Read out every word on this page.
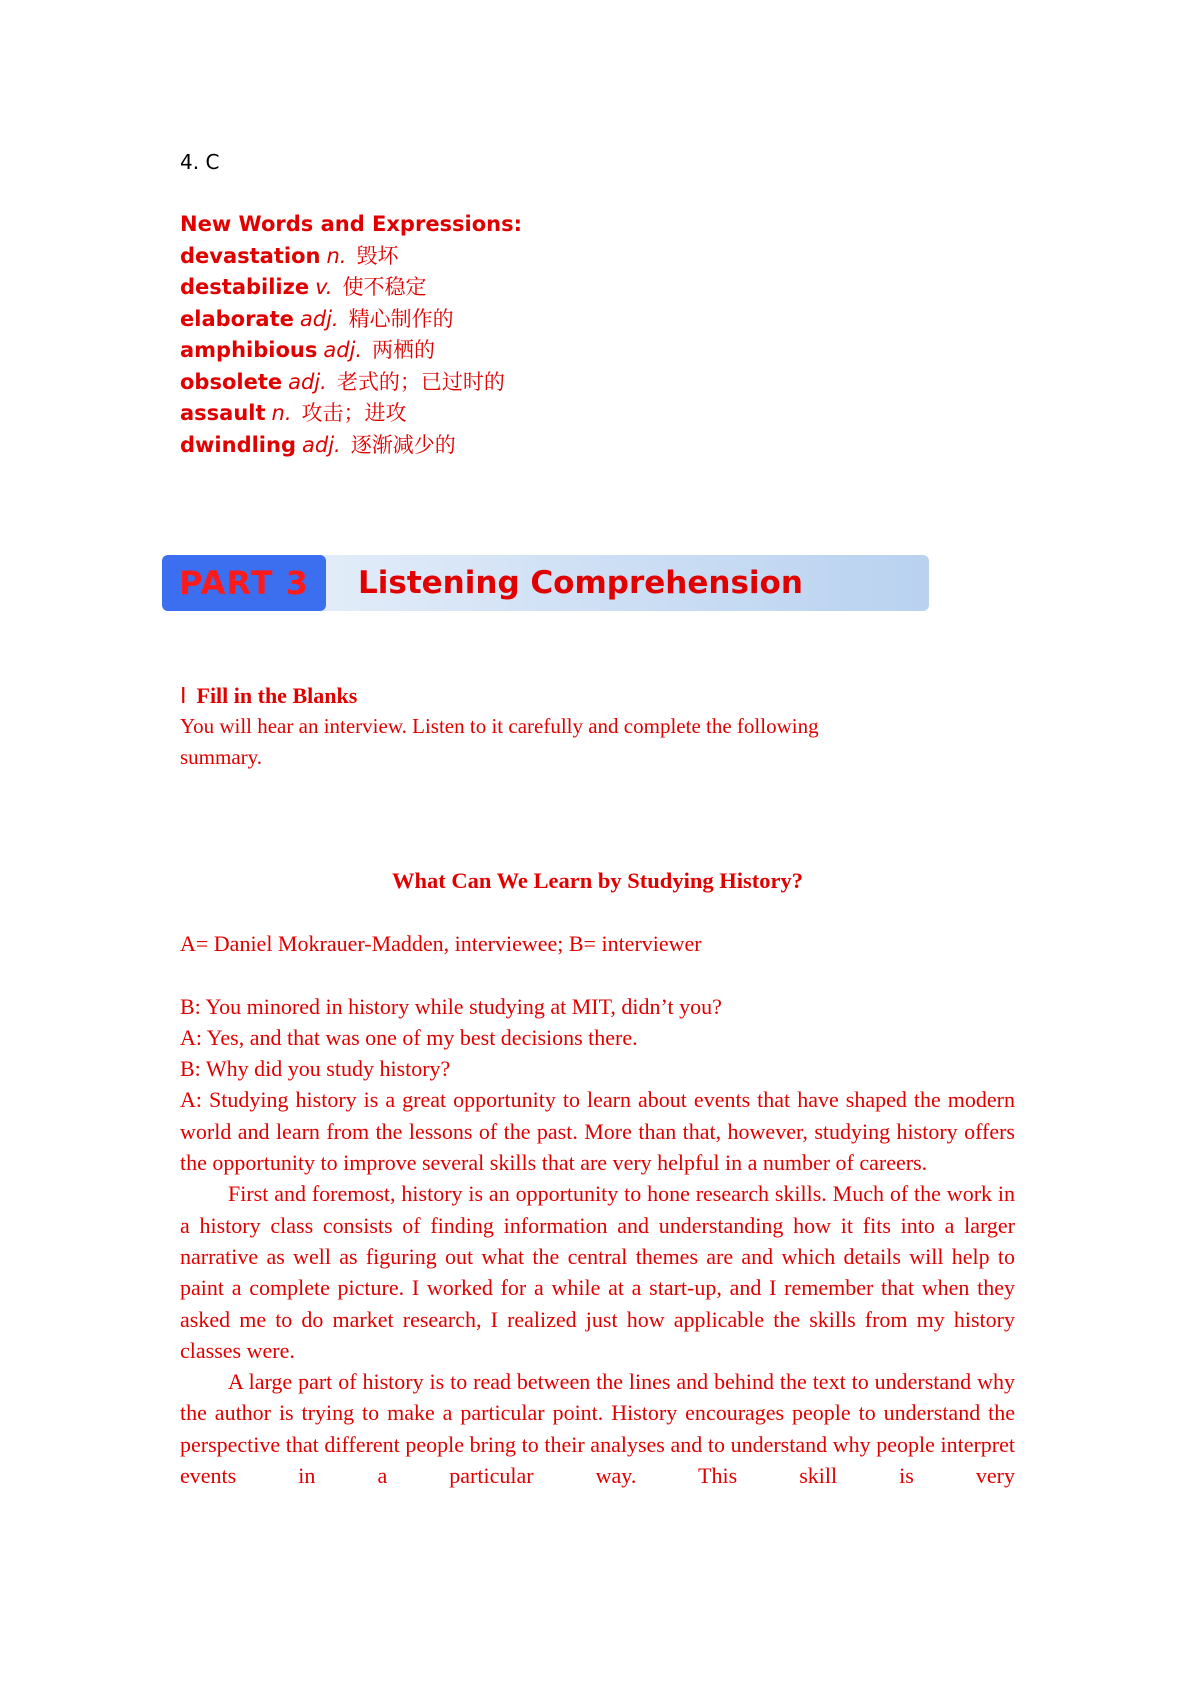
4. C
New Words and Expressions:
devastation n. 毁坏
destabilize v. 使不稳定
elaborate adj. 精心制作的
amphibious adj. 两栖的
obsolete adj. 老式的；已过时的
assault n. 攻击；进攻
dwindling adj. 逐渐减少的
PART 3	Listening Comprehension
Ⅰ Fill in the Blanks
You will hear an interview. Listen to it carefully and complete the following summary.
What Can We Learn by Studying History?

A= Daniel Mokrauer-Madden, interviewee; B= interviewer

B: You minored in history while studying at MIT, didn’t you?

A: Yes, and that was one of my best decisions there.

B: Why did you study history?

A: Studying history is a great opportunity to learn about events that have shaped the modern world and learn from the lessons of the past. More than that, however, studying history offers the opportunity to improve several skills that are very helpful in a number of careers.

First and foremost, history is an opportunity to hone research skills. Much of the work in a history class consists of finding information and understanding how it fits into a larger narrative as well as figuring out what the central themes are and which details will help to paint a complete picture. I worked for a while at a start-up, and I remember that when they asked me to do market research, I realized just how applicable the skills from my history classes were.

A large part of history is to read between the lines and behind the text to understand why the author is trying to make a particular point. History encourages people to understand the perspective that different people bring to their analyses and to understand why people interpret events in a particular way. This skill is very
